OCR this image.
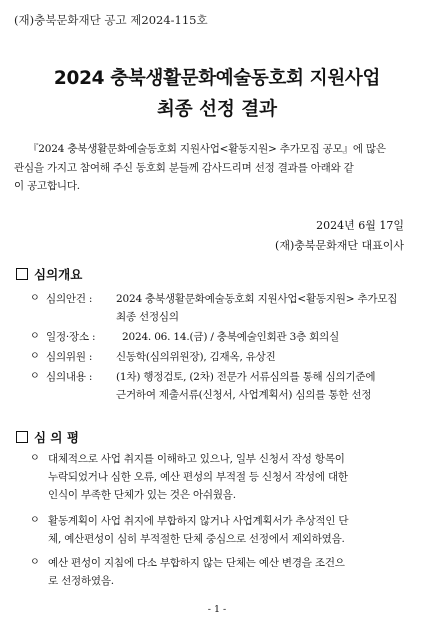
(재)충북문화재단 공고 제2024-115호
2024 충북생활문화예술동호회 지원사업
최종 선정 결과
『2024 충북생활문화예술동호회 지원사업<활동지원> 추가모집 공모』에 많은
관심을 가지고 참여해 주신 동호회 분들께 감사드리며 선정 결과를 아래와 같
이 공고합니다.
2024년 6월 17일
(재)충북문화재단 대표이사
심의개요
ㅇ 심의안건 : 2024 충북생활문화예술동호회 지원사업<활동지원> 추가모집
최종 선정심의
ㅇ 일정·장소 :	2024. 06. 14.(금) / 충북예술인회관 3층 회의실
ㅇ 심의위원 : 신동학(심의위원장), 김재옥, 유상진
ㅇ 심의내용 : (1차) 행정검토, (2차) 전문가 서류심의를 통해 심의기준에
근거하여 제출서류(신청서, 사업계획서) 심의를 통한 선정
심 의 평
ㅇ 대체적으로 사업 취지를 이해하고 있으나, 일부 신청서 작성 항목이
누락되었거나 심한 오류, 예산 편성의 부적절 등 신청서 작성에 대한
인식이 부족한 단체가 있는 것은 아쉬웠음.
ㅇ 활동계획이 사업 취지에 부합하지 않거나 사업계획서가 추상적인 단
체, 예산편성이 심히 부적절한 단체 중심으로 선정에서 제외하였음.
ㅇ 예산 편성이 지침에 다소 부합하지 않는 단체는 예산 변경을 조건으
로 선정하였음.
- 1 -
